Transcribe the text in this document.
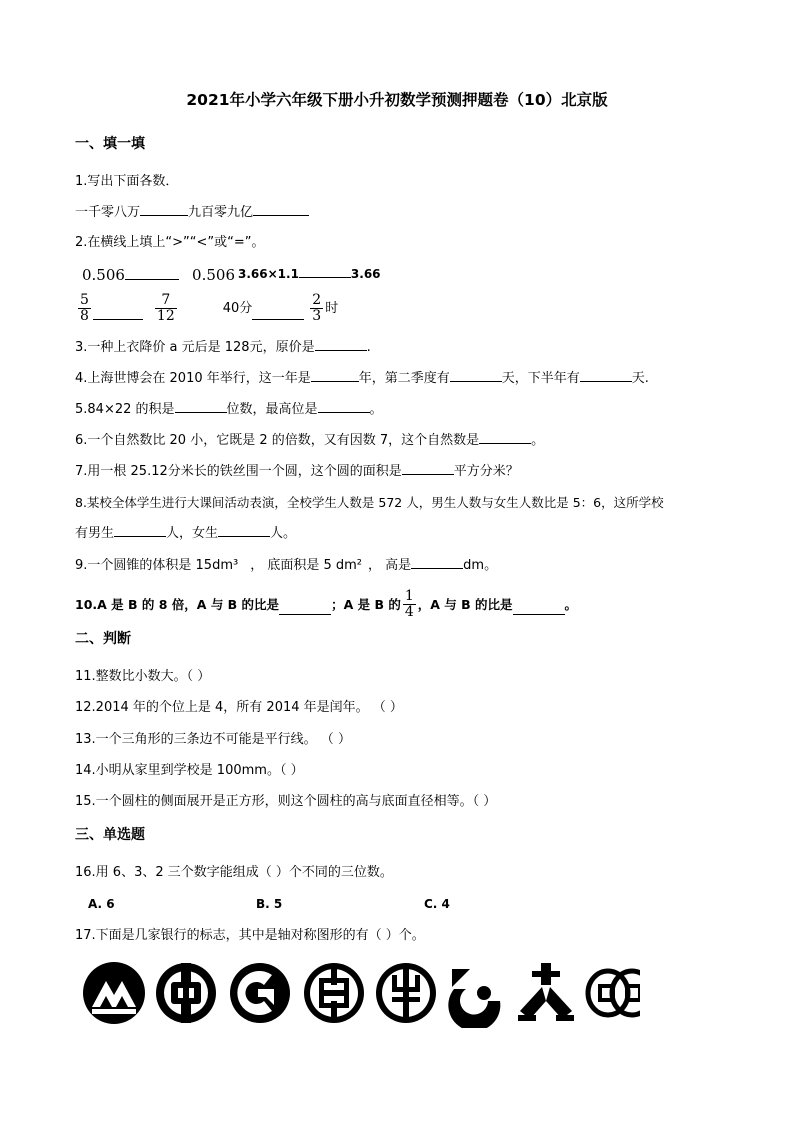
2021年小学六年级下册小升初数学预测押题卷（10）北京版
一、填一填
1.写出下面各数．
一千零八万	九百零九亿
2.在横线上填上“>”“<”或“=”。
0.506	0.506 3.66×1.1	3.66
$\frac{5}{8}$	$\frac{7}{12}$	40分	$\frac{2}{3}$ 时
3.一种上衣降价 a 元后是 128元，原价是	.
4.上海世博会在 2010 年举行，这一年是	年，第二季度有	天，下半年有	天.
5.84×22 的积是	位数，最高位是	。
6.一个自然数比 20 小，它既是 2 的倍数，又有因数 7，这个自然数是	。
7.用一根 25.12分米长的铁丝围一个圆，这个圆的面积是	平方分米？
8.某校全体学生进行大课间活动表演，全校学生人数是 572 人，男生人数与女生人数比是 5：6，这所学校
有男生	人，女生	人。
9.一个圆锥的体积是 15dm³ ， 底面积是 5 dm² ， 高是	dm。
10.A 是 B 的 8 倍，A 与 B 的比是	；A 是 B 的 $\frac{1}{4}$ ，A 与 B 的比是	。
二、判断
11.整数比小数大。（ ）
12.2014 年的个位上是 4，所有 2014 年是闰年。 （ ）
13.一个三角形的三条边不可能是平行线。 （ ）
14.小明从家里到学校是 100mm。（ ）
15.一个圆柱的侧面展开是正方形，则这个圆柱的高与底面直径相等。（ ）
三、单选题
16.用 6、3、2 三个数字能组成（ ）个不同的三位数。
A. 6	B. 5	C. 4
17.下面是几家银行的标志，其中是轴对称图形的有（ ）个。
